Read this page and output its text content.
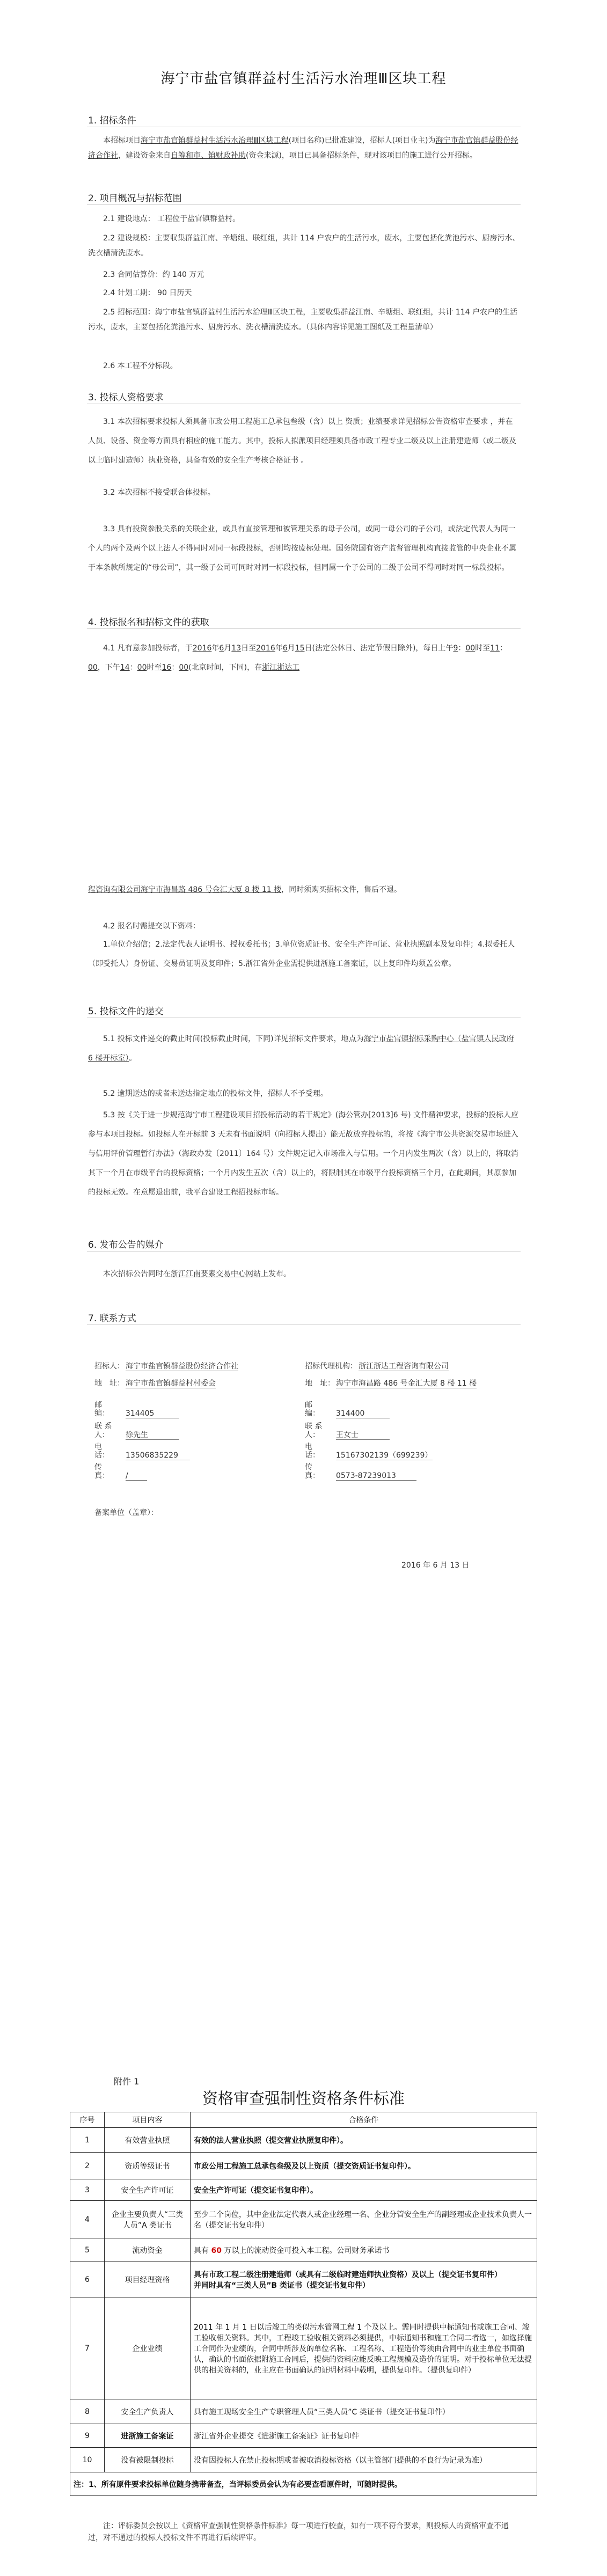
海宁市盐官镇群益村生活污水治理Ⅲ区块工程
1. 招标条件
本招标项目海宁市盐官镇群益村生活污水治理Ⅲ区块工程(项目名称)已批准建设，招标人(项目业主)为海宁市盐官镇群益股份经济合作社，建设资金来自自筹和市、镇财政补助(资金来源)，项目已具备招标条件，现对该项目的施工进行公开招标。
2. 项目概况与招标范围
2.1 建设地点： 工程位于盐官镇群益村。
2.2 建设规模：主要収集群益江南、辛塘组、联红组，共计 114 户农户的生活污水，废水，主要包括化粪池污水、厨房污水、洗衣槽清洗废水。
2.3 合同估算价：约 140 万元
2.4 计划工期： 90 日历天
2.5 招标范围：海宁市盐官镇群益村生活污水治理Ⅲ区块工程，主要收集群益江南、辛塘组、联红组，共计 114 户农户的生活污水，废水，主要包括化粪池污水、厨房污水、洗衣槽清洗废水。（具体内容详见施工图纸及工程量清单）
2.6 本工程不分标段。
3. 投标人资格要求
3.1 本次招标要求投标人须具备市政公用工程施工总承包叁级（含）以上 资质；业绩要求详见招标公告资格审查要求 ，并在人员、设备、资金等方面具有相应的施工能力。其中，投标人拟派项目经理须具备市政工程专业二级及以上注册建造师（或二级及以上临时建造师）执业资格，具备有效的安全生产考核合格证书 。
3.2 本次招标不接受联合体投标。
3.3 具有投资参股关系的关联企业，或具有直接管理和被管理关系的母子公司，或同一母公司的子公司，或法定代表人为同一个人的两个及两个以上法人不得同时对同一标段投标，否则均按废标处理。国务院国有资产监督管理机构直接监管的中央企业不属于本条款所规定的“母公司”，其一级子公司可同时对同一标段投标，但同属一个子公司的二级子公司不得同时对同一标段投标。
4. 投标报名和招标文件的获取
4.1 凡有意参加投标者，于2016年6月13日至2016年6月15日(法定公休日、法定节假日除外)，每日上午9：00时至11：00，下午14：00时至16：00(北京时间，下同)，在浙江浙达工
程咨询有限公司海宁市海昌路 486 号金汇大厦 8 楼 11 楼，同时须购买招标文件，售后不退。
4.2 报名时需提交以下资料：
1.单位介绍信；2.法定代表人证明书、授权委托书；3.单位资质证书、安全生产许可证、营业执照副本及复印件；4.拟委托人（即受托人）身份证、交易员证明及复印件；5.浙江省外企业需提供进浙施工备案证，以上复印件均须盖公章。
5. 投标文件的递交
5.1 投标文件递交的截止时间(投标截止时间，下同)详见招标文件要求，地点为海宁市盐官镇招标采购中心（盐官镇人民政府 6 楼开标室）。
5.2 逾期送达的或者未送达指定地点的投标文件，招标人不予受理。
5.3 按《关于进一步规范海宁市工程建设项目招投标活动的若干规定》(海公管办[2013]6 号) 文件精神要求，投标的投标人应参与本项目投标。如投标人在开标前 3 天未有书面说明（向招标人提出）能无故放弃投标的，将按《海宁市公共资源交易市场进入与信用评价管理暂行办法》（海政办发〔2011〕164 号）文件规定记入市场准入与信用。一个月内发生两次（含）以上的，将取消其下一个月在市级平台的投标资格；一个月内发生五次（含）以上的，将限制其在市级平台投标资格三个月，在此期间，其原参加的投标无效。在意愿退出前，我平台建设工程招投标市场。
6. 发布公告的媒介
本次招标公告同时在浙江江南要素交易中心网站上发布。
7. 联系方式
招标人： 海宁市盐官镇群益股份经济合作社
地　址： 海宁市盐官镇群益村村委会
邮　　编： 314405
联 系 人： 徐先生
电　　话： 13506835229
传　　真： /
招标代理机构： 浙江浙达工程咨询有限公司
地　址： 海宁市海昌路 486 号金汇大厦 8 楼 11 楼
邮　　编： 314400
联 系 人： 王女士
电　　话： 15167302139（699239）
传　　真： 0573-87239013
备案单位（盖章）：
2016 年 6 月 13 日
附件 1
资格审查强制性资格条件标准
序号	项目内容	合格条件
1	有效营业执照	有效的法人营业执照（提交营业执照复印件）。
2	资质等级证书	市政公用工程施工总承包叁级及以上资质（提交资质证书复印件）。
3	安全生产许可证	安全生产许可证（提交证书复印件）。
4	企业主要负责人“三类人员”A 类证书	至少二个岗位，其中企业法定代表人或企业经理一名、企业分管安全生产的副经理或企业技术负责人一名（提交证书复印件）
5	流动资金	具有 60 万以上的流动资金可投入本工程。公司财务承诺书
6	项目经理资格	具有市政工程二级注册建造师（或具有二级临时建造师执业资格）及以上（提交证书复印件）
并同时具有“三类人员”B 类证书（提交证书复印件）
7	企业业绩	2011 年 1 月 1 日以后竣工的类似污水管网工程 1 个及以上。需同时提供中标通知书或施工合同、竣工验收相关资料。其中，工程竣工验收相关资料必须提供，中标通知书和施工合同二者选一，如选择施工合同作为业绩的，合同中所涉及的单位名称、工程名称、工程造价等须由合同中的业主单位书面确认，确认的书面依据附施工合同后，提供的资料应能反映工程规模及造价的证明。对于投标单位无法提供的相关资料的，业主应在书面确认的证明材料中载明，提供复印件。（提供复印件）
8	安全生产负责人	具有施工现场安全生产专职管理人员“三类人员”C 类证书（提交证书复印件）
9	进浙施工备案证	浙江省外企业提交《进浙施工备案证》证书复印件
10	没有被限制投标	没有因投标人在禁止投标期或者被取消投标资格（以主管部门提供的不良行为记录为准）
注：1、所有原件要求投标单位随身携带备查，当评标委员会认为有必要查看原件时，可随时提供。		
注：评标委员会按以上《资格审查强制性资格条件标准》每一项进行校查，如有一项不符合要求，则投标人的资格审查不通过，对不通过的投标人投标文件不再进行后续评审。
